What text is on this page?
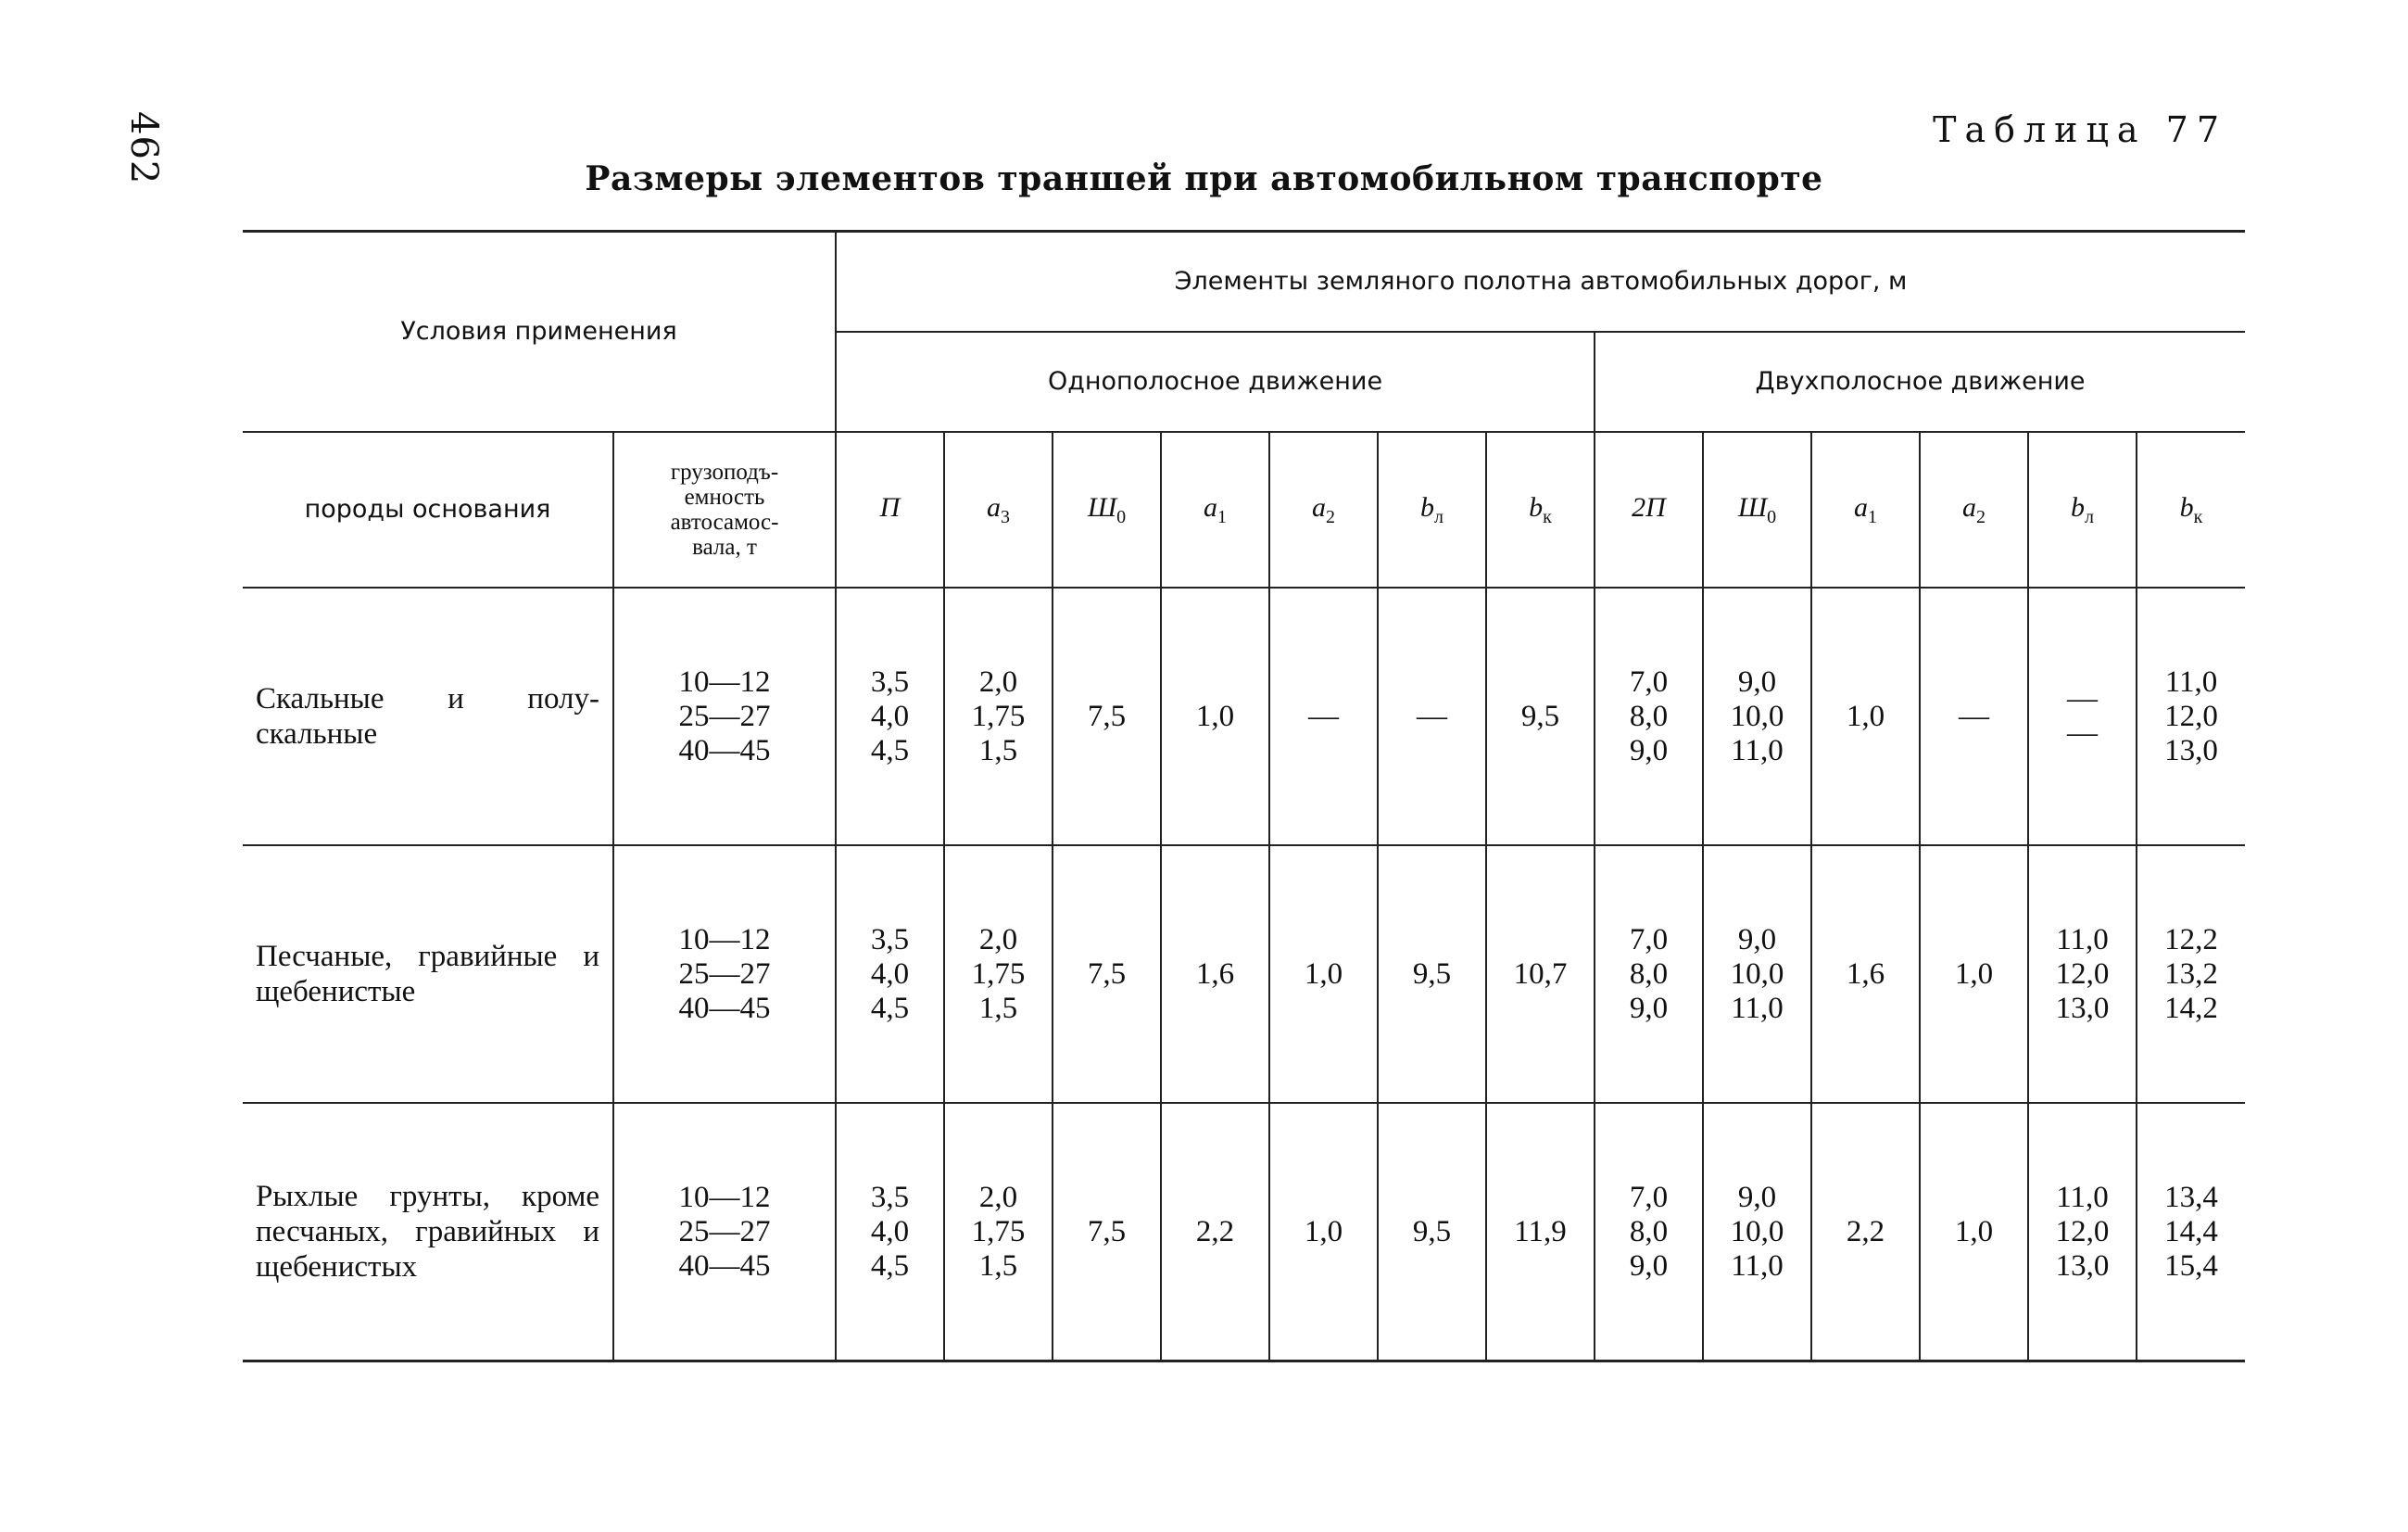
462	Таблица 77
Размеры элементов траншей при автомобильном транспорте
Условия применения		Элементы земляного полотна автомобильных дорог, м												
		Однополосное движение							Двухполосное движение					
породы основания	грузоподъ-
емность
автосамос-
вала, т	П	$a_3$	$Ш_0$	$a_1$	$a_2$	$b_л$	$b_к$	2П	$Ш_0$	$a_1$	$a_2$	$b_л$	$b_к$
Скальные и полу-скальные	10—12
25—27
40—45	3,5
4,0
4,5	2,0
1,75
1,5	7,5	1,0	—	—	9,5	7,0
8,0
9,0	9,0
10,0
11,0	1,0	—	—
—	11,0
12,0
13,0

Песчаные, гравийные и щебенистые	10—12
25—27
40—45	3,5
4,0
4,5	2,0
1,75
1,5	7,5	1,6	1,0	9,5	10,7	7,0
8,0
9,0	9,0
10,0
11,0	1,6	1,0	11,0
12,0
13,0	12,2
13,2
14,2

Рыхлые грунты, кроме песчаных, гравийных и щебенистых	10—12
25—27
40—45	3,5
4,0
4,5	2,0
1,75
1,5	7,5	2,2	1,0	9,5	11,9	7,0
8,0
9,0	9,0
10,0
11,0	2,2	1,0	11,0
12,0
13,0	13,4
14,4
15,4
